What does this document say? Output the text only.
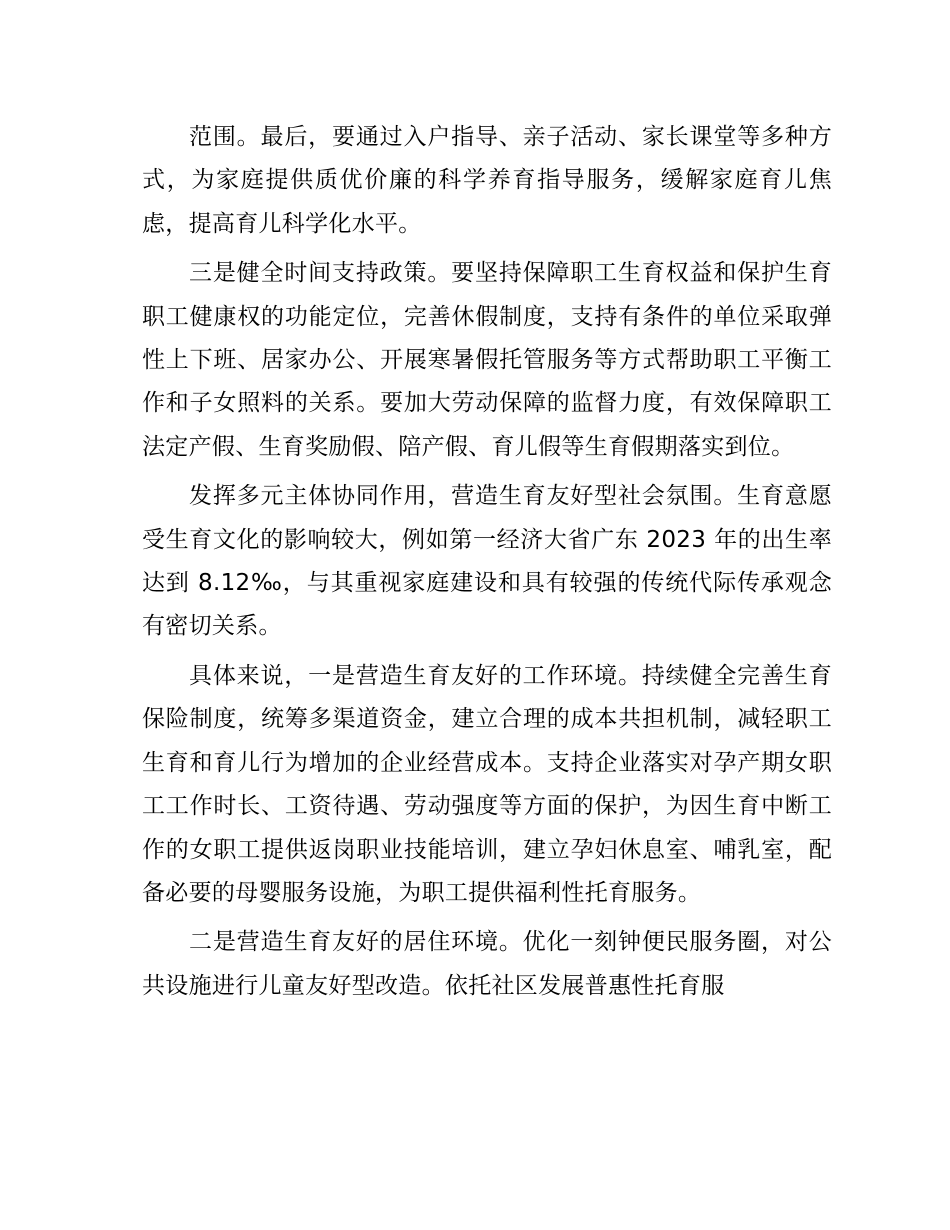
范围。最后，要通过入户指导、亲子活动、家长课堂等多种方式，为家庭提供质优价廉的科学养育指导服务，缓解家庭育儿焦虑，提高育儿科学化水平。

三是健全时间支持政策。要坚持保障职工生育权益和保护生育职工健康权的功能定位，完善休假制度，支持有条件的单位采取弹性上下班、居家办公、开展寒暑假托管服务等方式帮助职工平衡工作和子女照料的关系。要加大劳动保障的监督力度，有效保障职工法定产假、生育奖励假、陪产假、育儿假等生育假期落实到位。

发挥多元主体协同作用，营造生育友好型社会氛围。生育意愿受生育文化的影响较大，例如第一经济大省广东 2023 年的出生率达到 8.12‰，与其重视家庭建设和具有较强的传统代际传承观念有密切关系。

具体来说，一是营造生育友好的工作环境。持续健全完善生育保险制度，统筹多渠道资金，建立合理的成本共担机制，减轻职工生育和育儿行为增加的企业经营成本。支持企业落实对孕产期女职工工作时长、工资待遇、劳动强度等方面的保护，为因生育中断工作的女职工提供返岗职业技能培训，建立孕妇休息室、哺乳室，配备必要的母婴服务设施，为职工提供福利性托育服务。

二是营造生育友好的居住环境。优化一刻钟便民服务圈，对公共设施进行儿童友好型改造。依托社区发展普惠性托育服
